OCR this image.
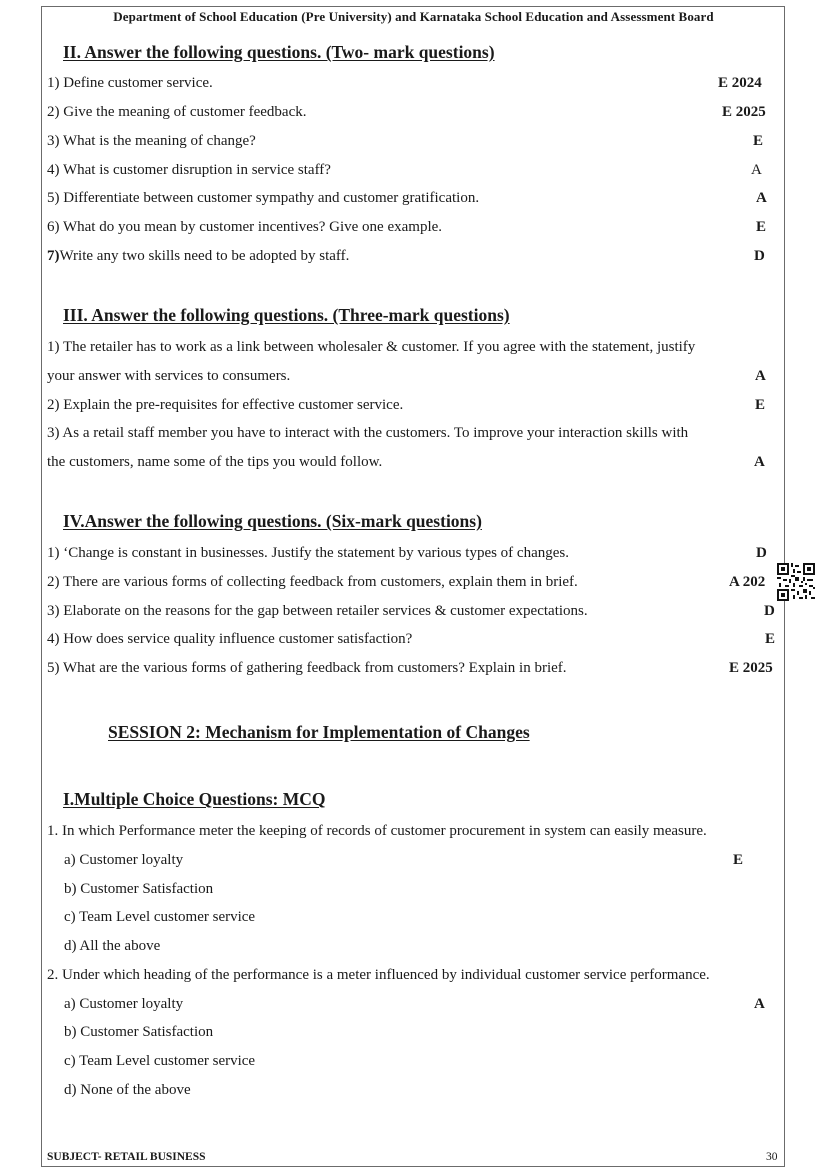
Department of School Education (Pre University) and Karnataka School Education and Assessment Board
II. Answer the following questions. (Two- mark questions)
1) Define customer service.	E 2024
2) Give the meaning of customer feedback.	E 2025
3) What is the meaning of change?	E
4) What is customer disruption in service staff?	A
5) Differentiate between customer sympathy and customer gratification.	A
6) What do you mean by customer incentives? Give one example.	E
7)Write any two skills need to be adopted by staff.	D
III. Answer the following questions. (Three-mark questions)
1) The retailer has to work as a link between wholesaler & customer. If you agree with the statement, justify
your answer with services to consumers.	A
2) Explain the pre-requisites for effective customer service.	E
3) As a retail staff member you have to interact with the customers. To improve your interaction skills with
the customers, name some of the tips you would follow.	A
IV.Answer the following questions. (Six-mark questions)
1) ‘Change is constant in businesses. Justify the statement by various types of changes.	D
2) There are various forms of collecting feedback from customers, explain them in brief.	A 202
3) Elaborate on the reasons for the gap between retailer services & customer expectations.	D
4) How does service quality influence customer satisfaction?	E
5) What are the various forms of gathering feedback from customers? Explain in brief.	E 2025
SESSION 2: Mechanism for Implementation of Changes
I.Multiple Choice Questions: MCQ
1. In which Performance meter the keeping of records of customer procurement in system can easily measure.
a) Customer loyalty	E
b) Customer Satisfaction
c) Team Level customer service
d) All the above
2. Under which heading of the performance is a meter influenced by individual customer service performance.
a) Customer loyalty	A
b) Customer Satisfaction
c) Team Level customer service
d) None of the above
SUBJECT- RETAIL BUSINESS	30
